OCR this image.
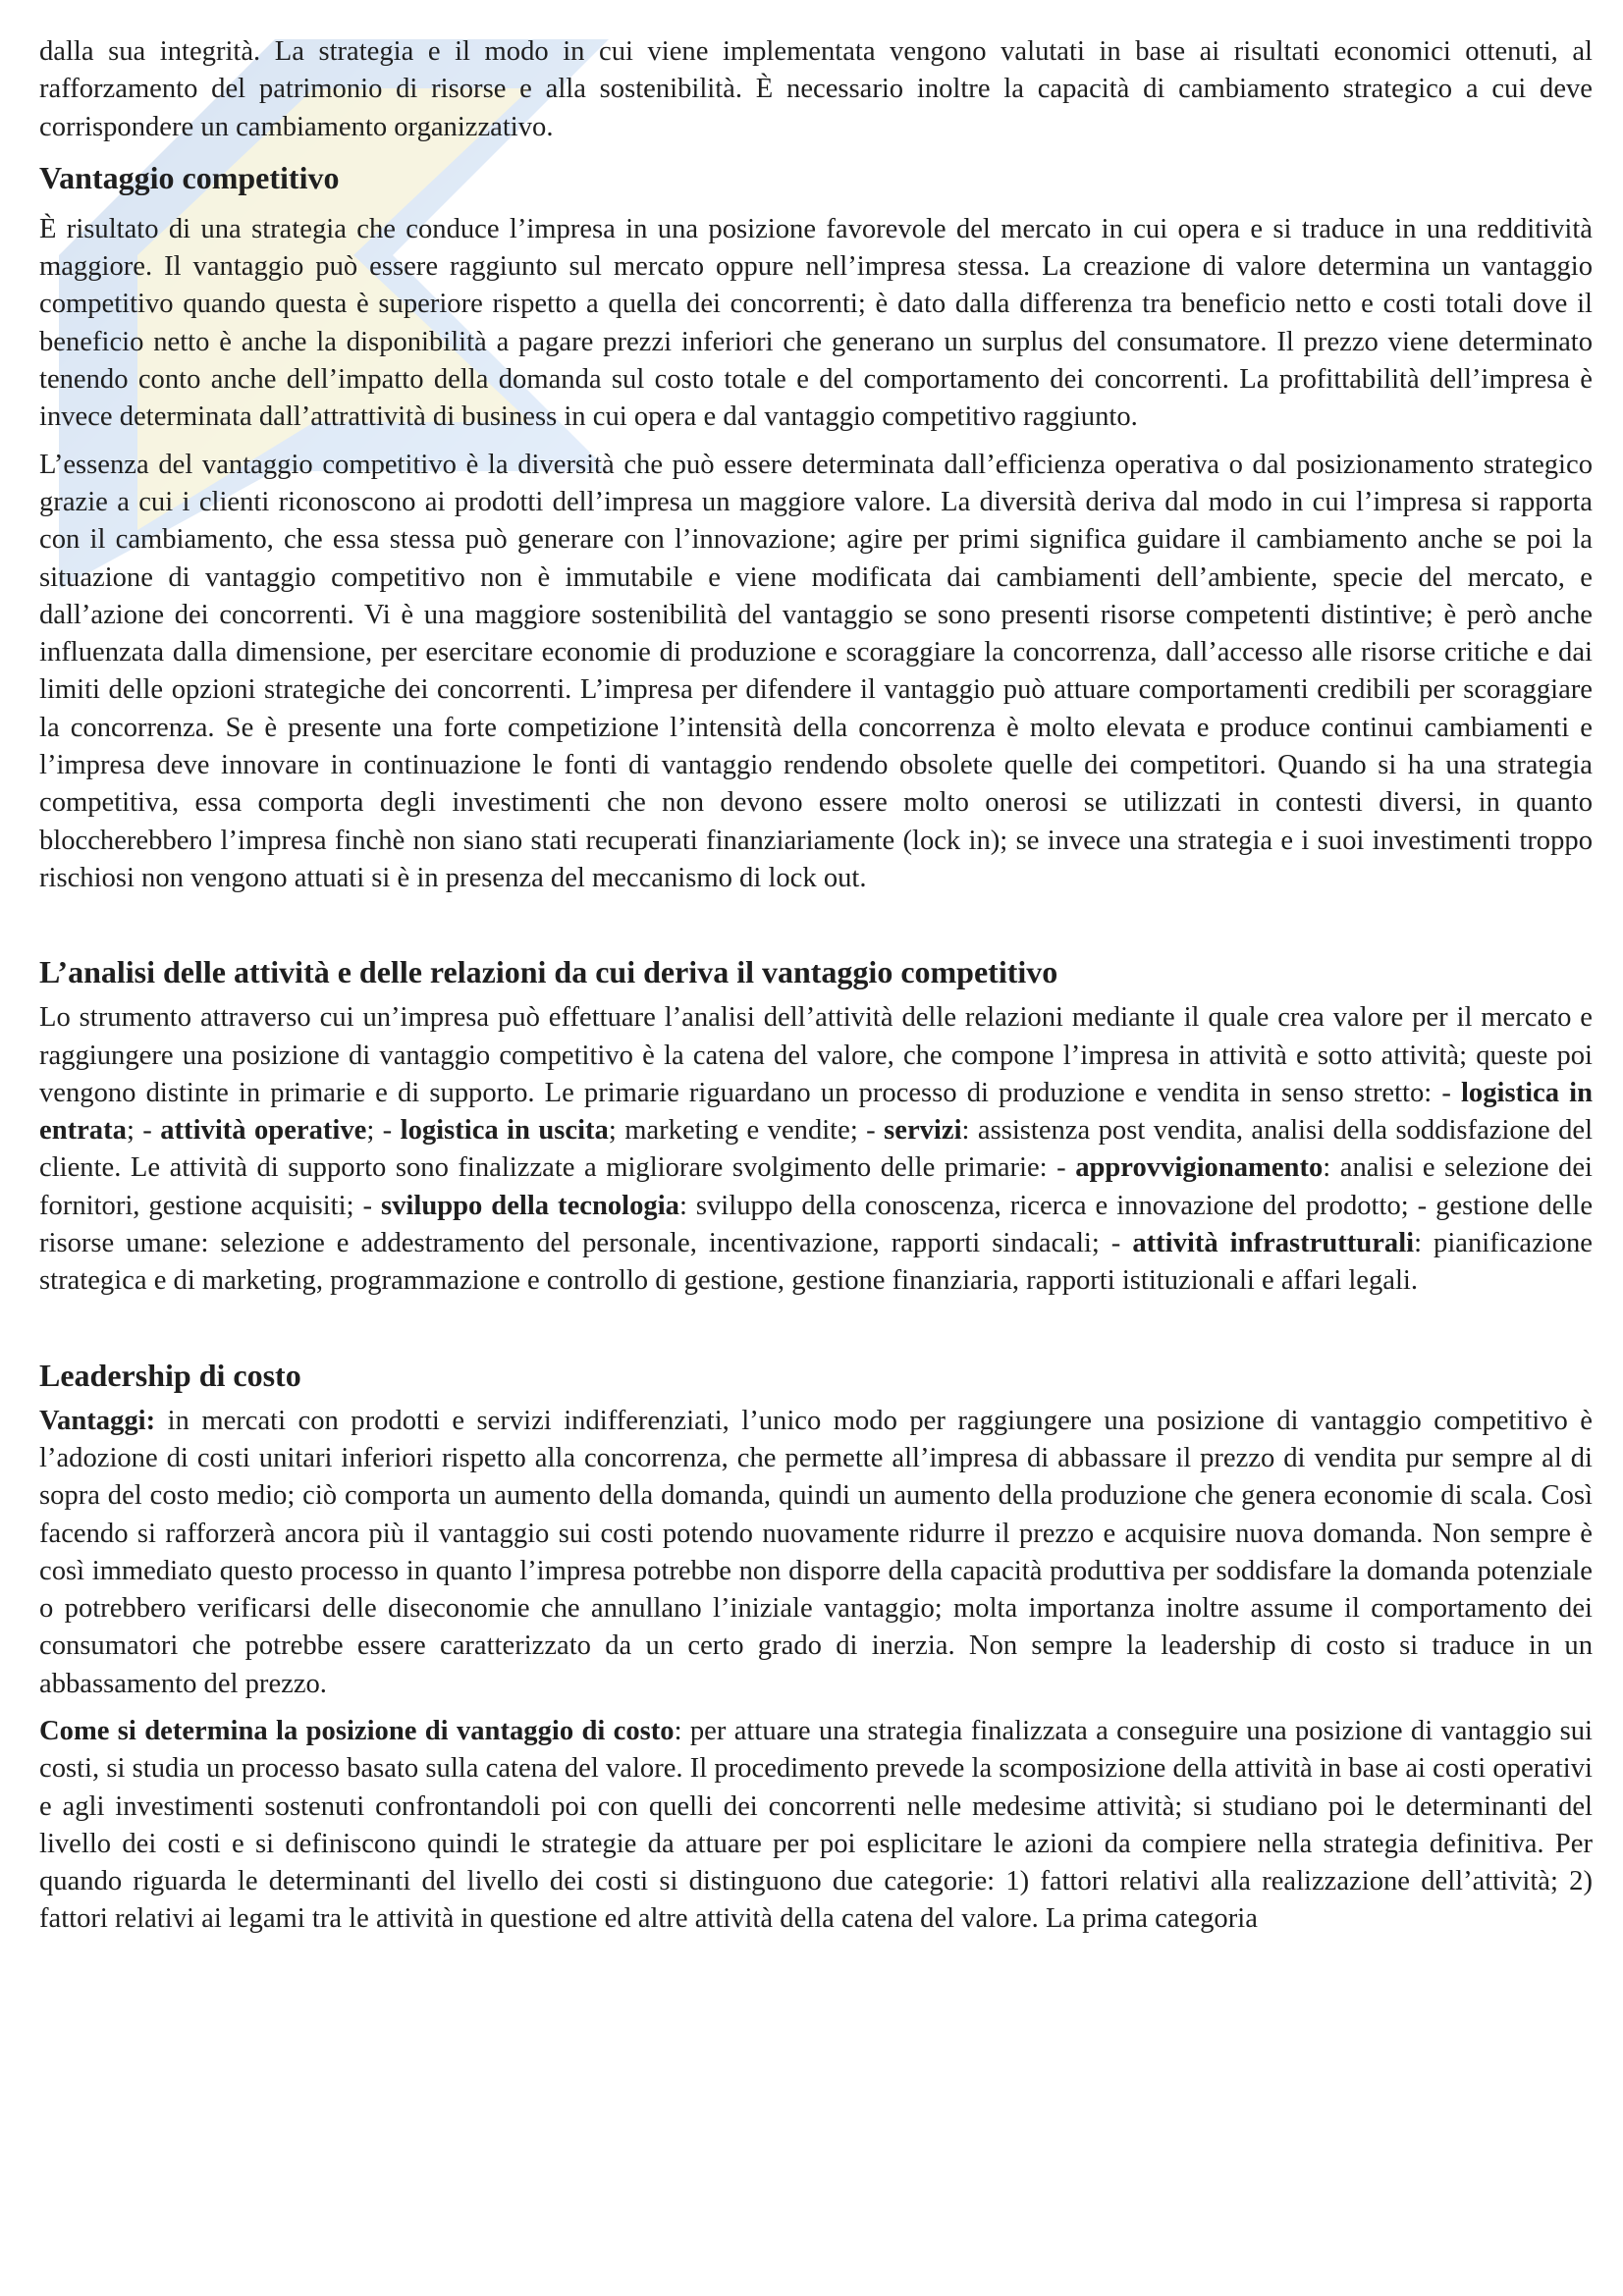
dalla sua integrità. La strategia e il modo in cui viene implementata vengono valutati in base ai risultati economici ottenuti, al rafforzamento del patrimonio di risorse e alla sostenibilità. È necessario inoltre la capacità di cambiamento strategico a cui deve corrispondere un cambiamento organizzativo.

Vantaggio competitivo

È risultato di una strategia che conduce l’impresa in una posizione favorevole del mercato in cui opera e si traduce in una redditività maggiore. Il vantaggio può essere raggiunto sul mercato oppure nell’impresa stessa. La creazione di valore determina un vantaggio competitivo quando questa è superiore rispetto a quella dei concorrenti; è dato dalla differenza tra beneficio netto e costi totali dove il beneficio netto è anche la disponibilità a pagare prezzi inferiori che generano un surplus del consumatore. Il prezzo viene determinato tenendo conto anche dell’impatto della domanda sul costo totale e del comportamento dei concorrenti. La profittabilità dell’impresa è invece determinata dall’attrattività di business in cui opera e dal vantaggio competitivo raggiunto.

L’essenza del vantaggio competitivo è la diversità che può essere determinata dall’efficienza operativa o dal posizionamento strategico grazie a cui i clienti riconoscono ai prodotti dell’impresa un maggiore valore. La diversità deriva dal modo in cui l’impresa si rapporta con il cambiamento, che essa stessa può generare con l’innovazione; agire per primi significa guidare il cambiamento anche se poi la situazione di vantaggio competitivo non è immutabile e viene modificata dai cambiamenti dell’ambiente, specie del mercato, e dall’azione dei concorrenti. Vi è una maggiore sostenibilità del vantaggio se sono presenti risorse competenti distintive; è però anche influenzata dalla dimensione, per esercitare economie di produzione e scoraggiare la concorrenza, dall’accesso alle risorse critiche e dai limiti delle opzioni strategiche dei concorrenti. L’impresa per difendere il vantaggio può attuare comportamenti credibili per scoraggiare la concorrenza. Se è presente una forte competizione l’intensità della concorrenza è molto elevata e produce continui cambiamenti e l’impresa deve innovare in continuazione le fonti di vantaggio rendendo obsolete quelle dei competitori. Quando si ha una strategia competitiva, essa comporta degli investimenti che non devono essere molto onerosi se utilizzati in contesti diversi, in quanto bloccherebbero l’impresa finchè non siano stati recuperati finanziariamente (lock in); se invece una strategia e i suoi investimenti troppo rischiosi non vengono attuati si è in presenza del meccanismo di lock out.

L’analisi delle attività e delle relazioni da cui deriva il vantaggio competitivo

Lo strumento attraverso cui un’impresa può effettuare l’analisi dell’attività delle relazioni mediante il quale crea valore per il mercato e raggiungere una posizione di vantaggio competitivo è la catena del valore, che compone l’impresa in attività e sotto attività; queste poi vengono distinte in primarie e di supporto. Le primarie riguardano un processo di produzione e vendita in senso stretto: - logistica in entrata; - attività operative; - logistica in uscita; marketing e vendite; - servizi: assistenza post vendita, analisi della soddisfazione del cliente. Le attività di supporto sono finalizzate a migliorare svolgimento delle primarie: - approvvigionamento: analisi e selezione dei fornitori, gestione acquisiti; - sviluppo della tecnologia: sviluppo della conoscenza, ricerca e innovazione del prodotto; - gestione delle risorse umane: selezione e addestramento del personale, incentivazione, rapporti sindacali; - attività infrastrutturali: pianificazione strategica e di marketing, programmazione e controllo di gestione, gestione finanziaria, rapporti istituzionali e affari legali.

Leadership di costo

Vantaggi: in mercati con prodotti e servizi indifferenziati, l’unico modo per raggiungere una posizione di vantaggio competitivo è l’adozione di costi unitari inferiori rispetto alla concorrenza, che permette all’impresa di abbassare il prezzo di vendita pur sempre al di sopra del costo medio; ciò comporta un aumento della domanda, quindi un aumento della produzione che genera economie di scala. Così facendo si rafforzerà ancora più il vantaggio sui costi potendo nuovamente ridurre il prezzo e acquisire nuova domanda. Non sempre è così immediato questo processo in quanto l’impresa potrebbe non disporre della capacità produttiva per soddisfare la domanda potenziale o potrebbero verificarsi delle diseconomie che annullano l’iniziale vantaggio; molta importanza inoltre assume il comportamento dei consumatori che potrebbe essere caratterizzato da un certo grado di inerzia. Non sempre la leadership di costo si traduce in un abbassamento del prezzo.

Come si determina la posizione di vantaggio di costo: per attuare una strategia finalizzata a conseguire una posizione di vantaggio sui costi, si studia un processo basato sulla catena del valore. Il procedimento prevede la scomposizione della attività in base ai costi operativi e agli investimenti sostenuti confrontandoli poi con quelli dei concorrenti nelle medesime attività; si studiano poi le determinanti del livello dei costi e si definiscono quindi le strategie da attuare per poi esplicitare le azioni da compiere nella strategia definitiva. Per quando riguarda le determinanti del livello dei costi si distinguono due categorie: 1) fattori relativi alla realizzazione dell’attività; 2) fattori relativi ai legami tra le attività in questione ed altre attività della catena del valore. La prima categoria
